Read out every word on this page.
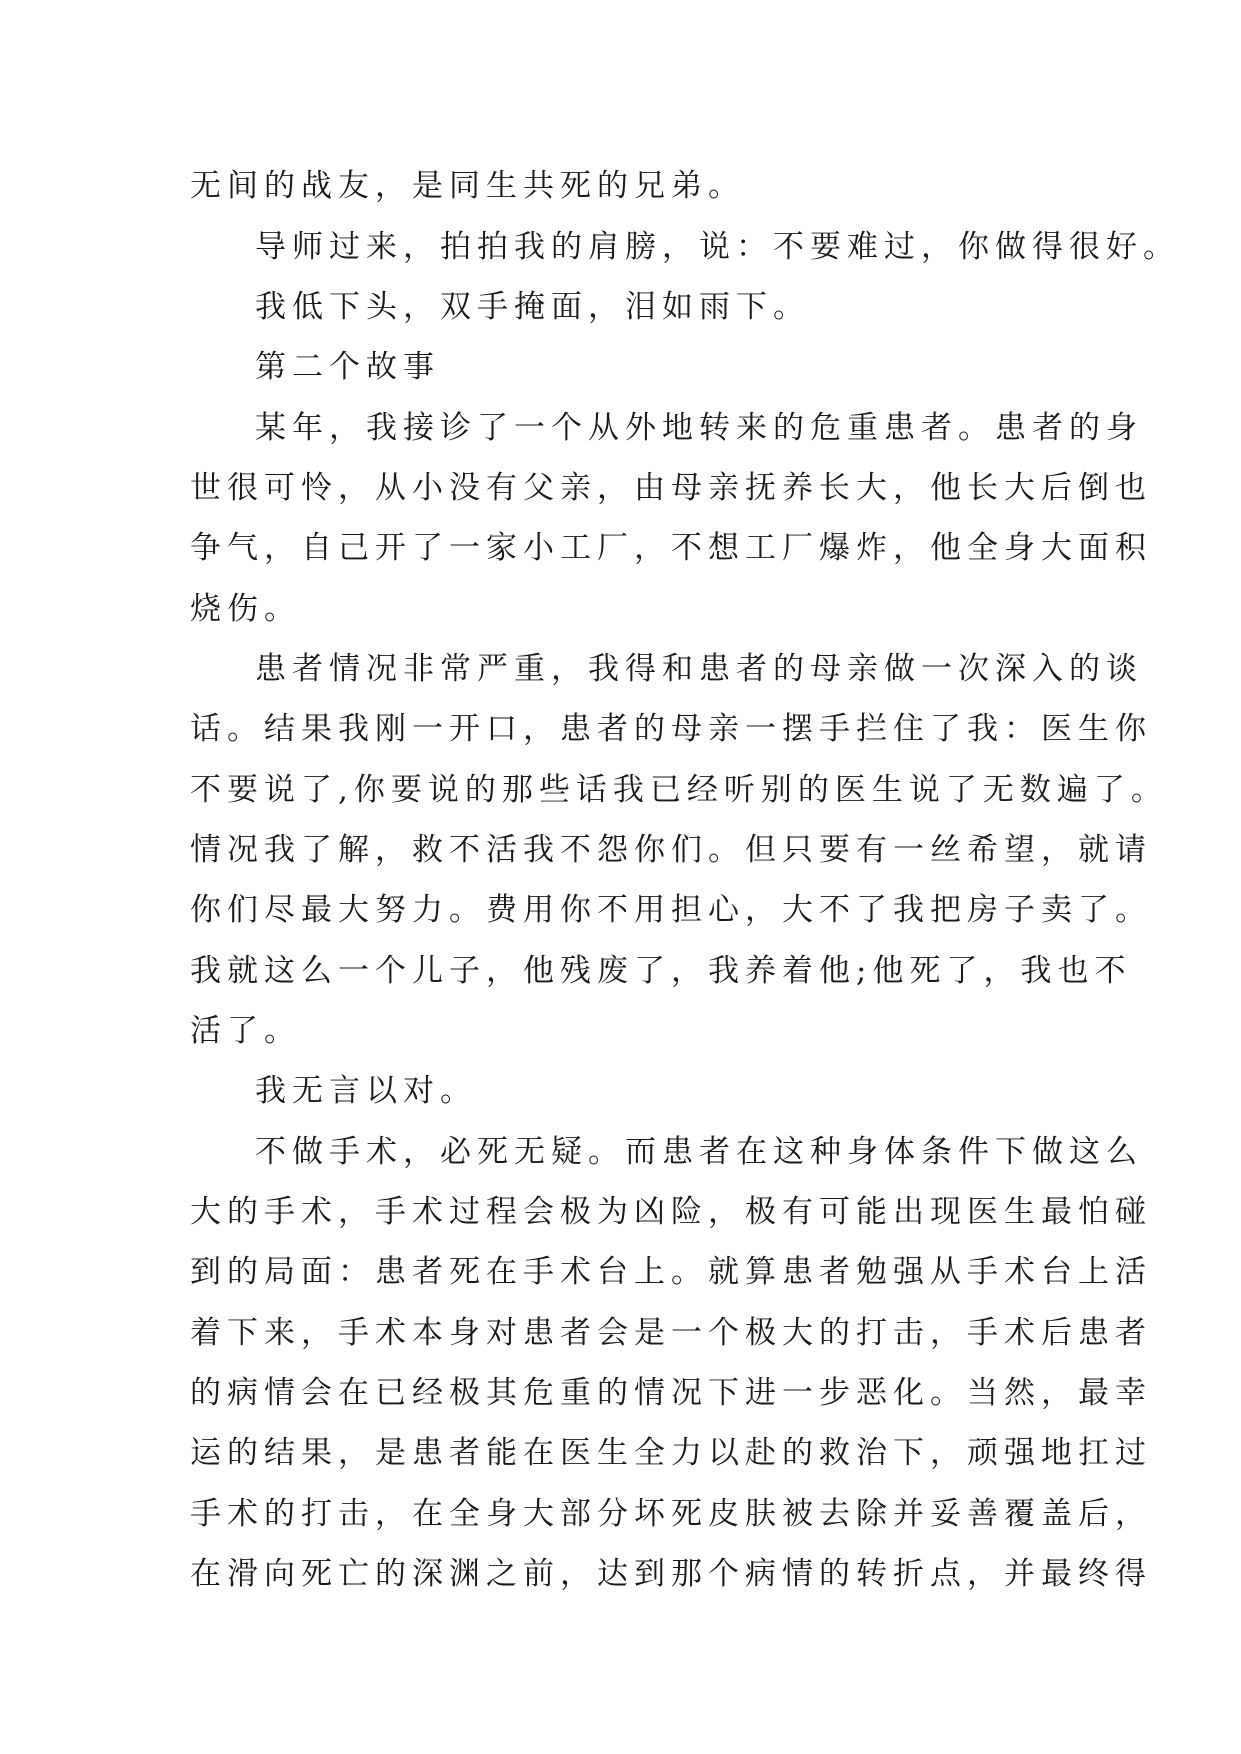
无间的战友，是同生共死的兄弟。
导师过来，拍拍我的肩膀，说：不要难过，你做得很好。
我低下头，双手掩面，泪如雨下。
第二个故事
某年，我接诊了一个从外地转来的危重患者。患者的身
世很可怜，从小没有父亲，由母亲抚养长大，他长大后倒也
争气，自己开了一家小工厂，不想工厂爆炸，他全身大面积
烧伤。
患者情况非常严重，我得和患者的母亲做一次深入的谈
话。结果我刚一开口，患者的母亲一摆手拦住了我：医生你
不要说了,你要说的那些话我已经听别的医生说了无数遍了。
情况我了解，救不活我不怨你们。但只要有一丝希望，就请
你们尽最大努力。费用你不用担心，大不了我把房子卖了。
我就这么一个儿子，他残废了，我养着他;他死了，我也不
活了。
我无言以对。
不做手术，必死无疑。而患者在这种身体条件下做这么
大的手术，手术过程会极为凶险，极有可能出现医生最怕碰
到的局面：患者死在手术台上。就算患者勉强从手术台上活
着下来，手术本身对患者会是一个极大的打击，手术后患者
的病情会在已经极其危重的情况下进一步恶化。当然，最幸
运的结果，是患者能在医生全力以赴的救治下，顽强地扛过
手术的打击，在全身大部分坏死皮肤被去除并妥善覆盖后，
在滑向死亡的深渊之前，达到那个病情的转折点，并最终得
